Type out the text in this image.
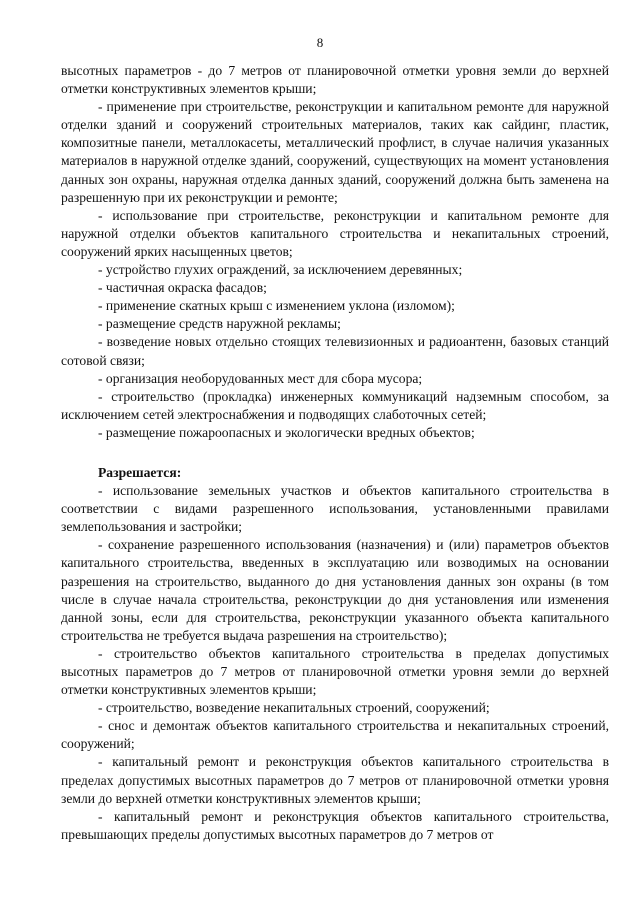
8

высотных параметров - до 7 метров от планировочной отметки уровня земли до верхней отметки конструктивных элементов крыши;

- применение при строительстве, реконструкции и капитальном ремонте для наружной отделки зданий и сооружений строительных материалов, таких как сайдинг, пластик, композитные панели, металлокасеты, металлический профлист, в случае наличия указанных материалов в наружной отделке зданий, сооружений, существующих на момент установления данных зон охраны, наружная отделка данных зданий, сооружений должна быть заменена на разрешенную при их реконструкции и ремонте;

- использование при строительстве, реконструкции и капитальном ремонте для наружной отделки объектов капитального строительства и некапитальных строений, сооружений ярких насыщенных цветов;

- устройство глухих ограждений, за исключением деревянных;

- частичная окраска фасадов;

- применение скатных крыш с изменением уклона (изломом);

- размещение средств наружной рекламы;

- возведение новых отдельно стоящих телевизионных и радиоантенн, базовых станций сотовой связи;

- организация необорудованных мест для сбора мусора;

- строительство (прокладка) инженерных коммуникаций надземным способом, за исключением сетей электроснабжения и подводящих слаботочных сетей;

- размещение пожароопасных и экологически вредных объектов;

Разрешается:

- использование земельных участков и объектов капитального строительства в соответствии с видами разрешенного использования, установленными правилами землепользования и застройки;

- сохранение разрешенного использования (назначения) и (или) параметров объектов капитального строительства, введенных в эксплуатацию или возводимых на основании разрешения на строительство, выданного до дня установления данных зон охраны (в том числе в случае начала строительства, реконструкции до дня установления или изменения данной зоны, если для строительства, реконструкции указанного объекта капитального строительства не требуется выдача разрешения на строительство);

- строительство объектов капитального строительства в пределах допустимых высотных параметров до 7 метров от планировочной отметки уровня земли до верхней отметки конструктивных элементов крыши;

- строительство, возведение некапитальных строений, сооружений;

- снос и демонтаж объектов капитального строительства и некапитальных строений, сооружений;

- капитальный ремонт и реконструкция объектов капитального строительства в пределах допустимых высотных параметров до 7 метров от планировочной отметки уровня земли до верхней отметки конструктивных элементов крыши;

- капитальный ремонт и реконструкция объектов капитального строительства, превышающих пределы допустимых высотных параметров до 7 метров от
